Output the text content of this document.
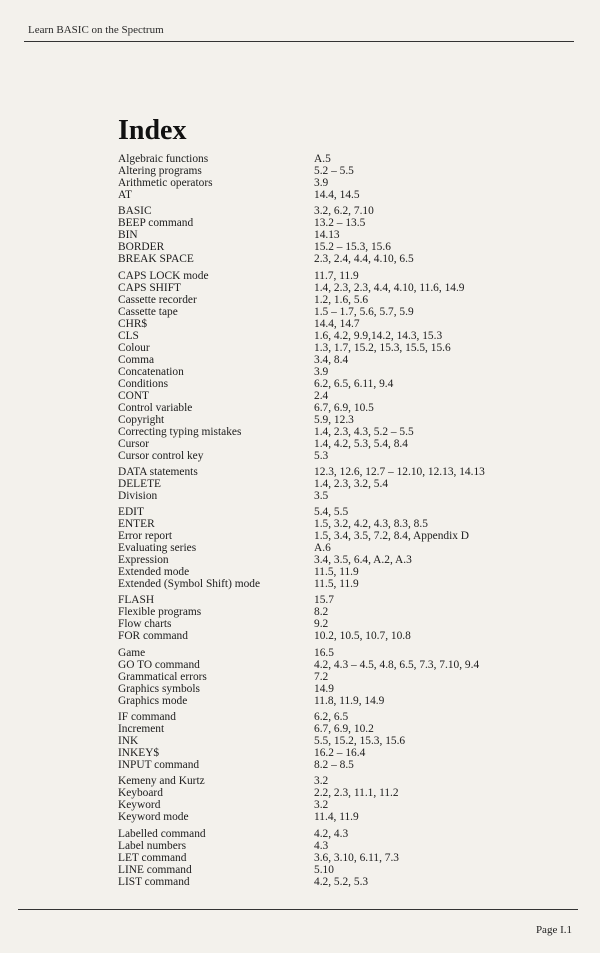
Learn BASIC on the Spectrum
Index
Algebraic functions	A.5
Altering programs	5.2 – 5.5
Arithmetic operators	3.9
AT	14.4, 14.5
BASIC	3.2, 6.2, 7.10
BEEP command	13.2 – 13.5
BIN	14.13
BORDER	15.2 – 15.3, 15.6
BREAK SPACE	2.3, 2.4, 4.4, 4.10, 6.5
CAPS LOCK mode	11.7, 11.9
CAPS SHIFT	1.4, 2.3, 2.3, 4.4, 4.10, 11.6, 14.9
Cassette recorder	1.2, 1.6, 5.6
Cassette tape	1.5 – 1.7, 5.6, 5.7, 5.9
CHR$	14.4, 14.7
CLS	1.6, 4.2, 9.9,14.2, 14.3, 15.3
Colour	1.3, 1.7, 15.2, 15.3, 15.5, 15.6
Comma	3.4, 8.4
Concatenation	3.9
Conditions	6.2, 6.5, 6.11, 9.4
CONT	2.4
Control variable	6.7, 6.9, 10.5
Copyright	5.9, 12.3
Correcting typing mistakes	1.4, 2.3, 4.3, 5.2 – 5.5
Cursor	1.4, 4.2, 5.3, 5.4, 8.4
Cursor control key	5.3
DATA statements	12.3, 12.6, 12.7 – 12.10, 12.13, 14.13
DELETE	1.4, 2.3, 3.2, 5.4
Division	3.5
EDIT	5.4, 5.5
ENTER	1.5, 3.2, 4.2, 4.3, 8.3, 8.5
Error report	1.5, 3.4, 3.5, 7.2, 8.4, Appendix D
Evaluating series	A.6
Expression	3.4, 3.5, 6.4, A.2, A.3
Extended mode	11.5, 11.9
Extended (Symbol Shift) mode	11.5, 11.9
FLASH	15.7
Flexible programs	8.2
Flow charts	9.2
FOR command	10.2, 10.5, 10.7, 10.8
Game	16.5
GO TO command	4.2, 4.3 – 4.5, 4.8, 6.5, 7.3, 7.10, 9.4
Grammatical errors	7.2
Graphics symbols	14.9
Graphics mode	11.8, 11.9, 14.9
IF command	6.2, 6.5
Increment	6.7, 6.9, 10.2
INK	5.5, 15.2, 15.3, 15.6
INKEY$	16.2 – 16.4
INPUT command	8.2 – 8.5
Kemeny and Kurtz	3.2
Keyboard	2.2, 2.3, 11.1, 11.2
Keyword	3.2
Keyword mode	11.4, 11.9
Labelled command	4.2, 4.3
Label numbers	4.3
LET command	3.6, 3.10, 6.11, 7.3
LINE command	5.10
LIST command	4.2, 5.2, 5.3
Page I.1
